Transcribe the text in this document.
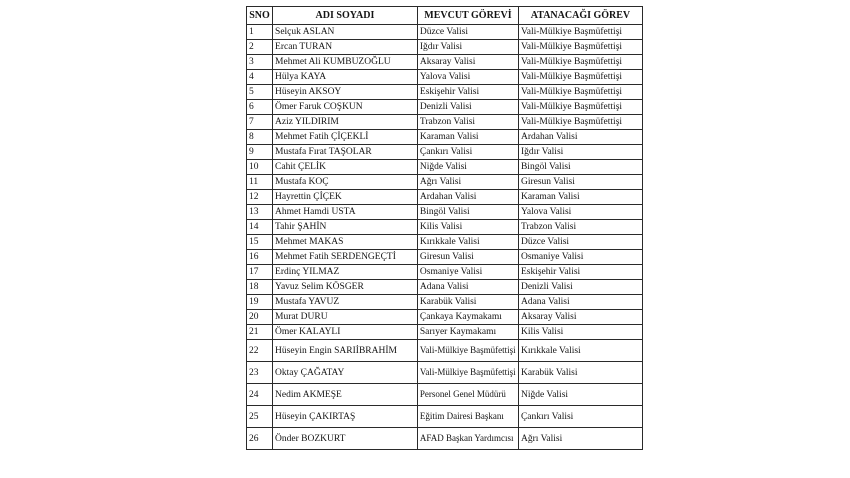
SNO	ADI SOYADI	MEVCUT GÖREVİ	ATANACAĞI GÖREV
1	Selçuk ASLAN	Düzce Valisi	Vali-Mülkiye Başmüfettişi
2	Ercan TURAN	Iğdır Valisi	Vali-Mülkiye Başmüfettişi
3	Mehmet Ali KUMBUZOĞLU	Aksaray Valisi	Vali-Mülkiye Başmüfettişi
4	Hülya KAYA	Yalova Valisi	Vali-Mülkiye Başmüfettişi
5	Hüseyin AKSOY	Eskişehir Valisi	Vali-Mülkiye Başmüfettişi
6	Ömer Faruk COŞKUN	Denizli Valisi	Vali-Mülkiye Başmüfettişi
7	Aziz YILDIRIM	Trabzon Valisi	Vali-Mülkiye Başmüfettişi
8	Mehmet Fatih ÇİÇEKLİ	Karaman Valisi	Ardahan Valisi
9	Mustafa Fırat TAŞOLAR	Çankırı Valisi	Iğdır Valisi
10	Cahit ÇELİK	Niğde Valisi	Bingöl Valisi
11	Mustafa KOÇ	Ağrı Valisi	Giresun Valisi
12	Hayrettin ÇİÇEK	Ardahan Valisi	Karaman Valisi
13	Ahmet Hamdi USTA	Bingöl Valisi	Yalova Valisi
14	Tahir ŞAHİN	Kilis Valisi	Trabzon Valisi
15	Mehmet MAKAS	Kırıkkale Valisi	Düzce Valisi
16	Mehmet Fatih SERDENGEÇTİ	Giresun Valisi	Osmaniye Valisi
17	Erdinç YILMAZ	Osmaniye Valisi	Eskişehir Valisi
18	Yavuz Selim KÖSGER	Adana Valisi	Denizli Valisi
19	Mustafa YAVUZ	Karabük Valisi	Adana Valisi
20	Murat DURU	Çankaya Kaymakamı	Aksaray Valisi
21	Ömer KALAYLI	Sarıyer Kaymakamı	Kilis Valisi
22	Hüseyin Engin SARIİBRAHİM	Vali-Mülkiye Başmüfettişi	Kırıkkale Valisi
23	Oktay ÇAĞATAY	Vali-Mülkiye Başmüfettişi	Karabük Valisi
24	Nedim AKMEŞE	Personel Genel Müdürü	Niğde Valisi
25	Hüseyin ÇAKIRTAŞ	Eğitim Dairesi Başkanı	Çankırı Valisi
26	Önder BOZKURT	AFAD Başkan Yardımcısı	Ağrı Valisi
